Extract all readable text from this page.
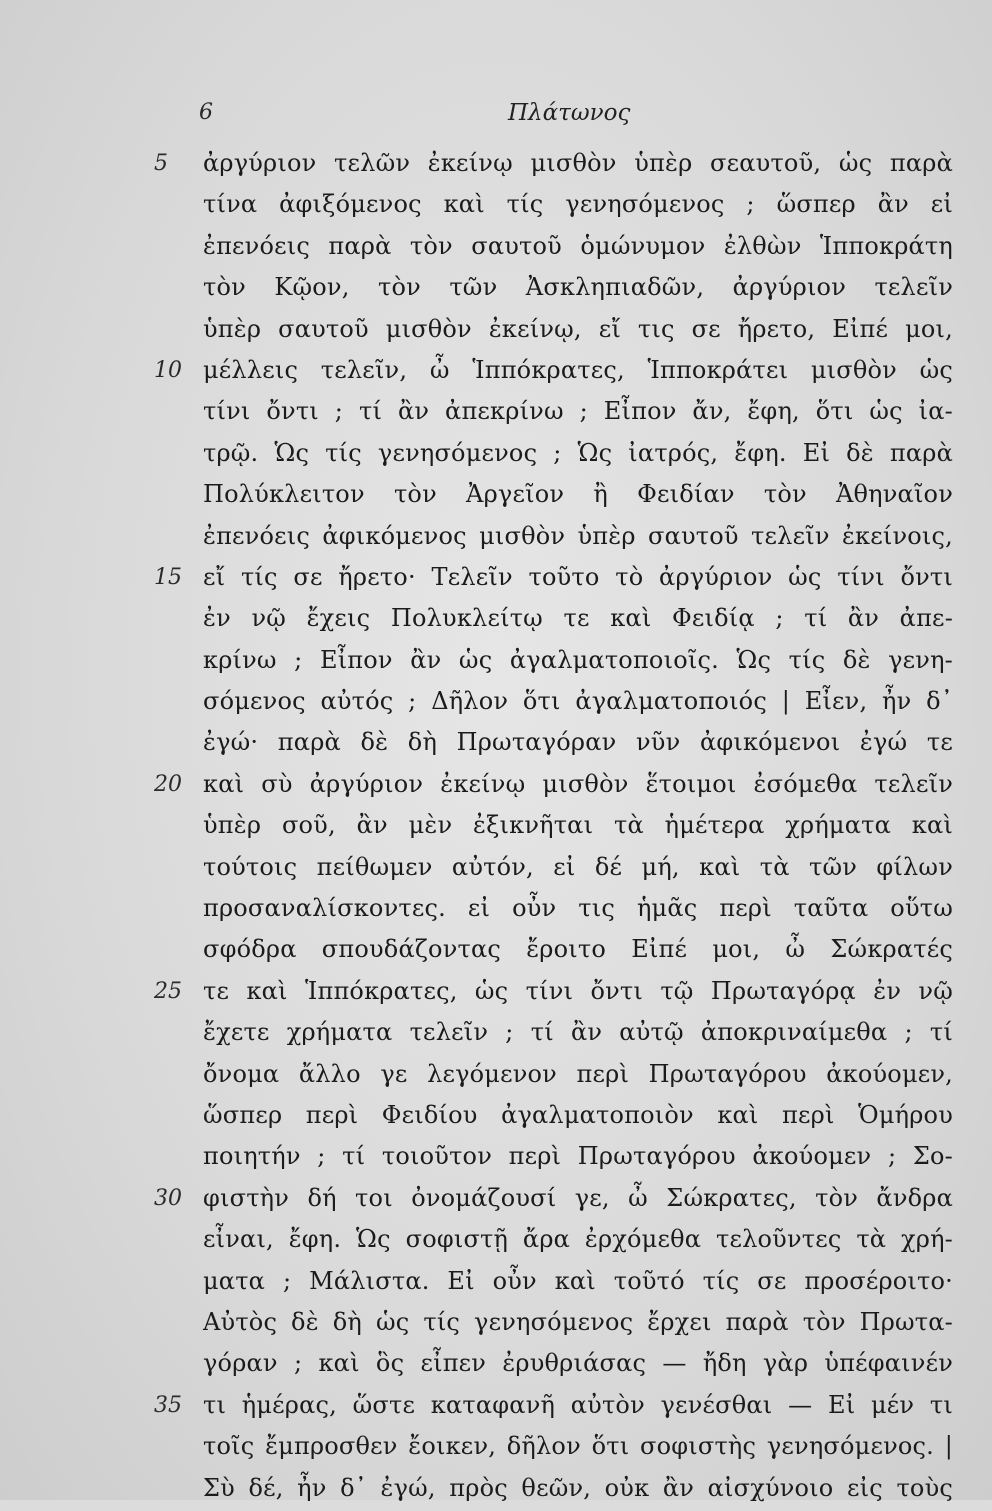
6	Πλάτωνος
5	ἀργύριον τελῶν ἐκείνῳ μισθὸν ὑπὲρ σεαυτοῦ, ὡς παρὰ
τίνα ἀφιξόμενος καὶ τίς γενησόμενος ; ὥσπερ ἂν εἰ
ἐπενόεις παρὰ τὸν σαυτοῦ ὁμώνυμον ἐλθὼν Ἱπποκράτη
τὸν Κῷον, τὸν τῶν Ἀσκληπιαδῶν, ἀργύριον τελεῖν
ὑπὲρ σαυτοῦ μισθὸν ἐκείνῳ, εἴ τις σε ἤρετο, Εἰπέ μοι,
10 μέλλεις τελεῖν, ὦ Ἱππόκρατες, Ἱπποκράτει μισθὸν ὡς
τίνι ὄντι ; τί ἂν ἀπεκρίνω ; Εἶπον ἄν, ἔφη, ὅτι ὡς ἰα-
τρῷ. Ὡς τίς γενησόμενος ; Ὡς ἰατρός, ἔφη. Εἰ δὲ παρὰ
Πολύκλειτον τὸν Ἀργεῖον ἢ Φειδίαν τὸν Ἀθηναῖον
ἐπενόεις ἀφικόμενος μισθὸν ὑπὲρ σαυτοῦ τελεῖν ἐκείνοις,
15 εἴ τίς σε ἤρετο· Τελεῖν τοῦτο τὸ ἀργύριον ὡς τίνι ὄντι
ἐν νῷ ἔχεις Πολυκλείτῳ τε καὶ Φειδίᾳ ; τί ἂν ἀπε-
κρίνω ; Εἶπον ἂν ὡς ἀγαλματοποιοῖς. Ὡς τίς δὲ γενη-
σόμενος αὐτός ; Δῆλον ὅτι ἀγαλματοποιός | Εἶεν, ἦν δ᾽
ἐγώ· παρὰ δὲ δὴ Πρωταγόραν νῦν ἀφικόμενοι ἐγώ τε
20 καὶ σὺ ἀργύριον ἐκείνῳ μισθὸν ἕτοιμοι ἐσόμεθα τελεῖν
ὑπὲρ σοῦ, ἂν μὲν ἐξικνῆται τὰ ἡμέτερα χρήματα καὶ
τούτοις πείθωμεν αὐτόν, εἰ δέ μή, καὶ τὰ τῶν φίλων
προσαναλίσκοντες. εἰ οὖν τις ἡμᾶς περὶ ταῦτα οὕτω
σφόδρα σπουδάζοντας ἔροιτο Εἰπέ μοι, ὦ Σώκρατές
25 τε καὶ Ἱππόκρατες, ὡς τίνι ὄντι τῷ Πρωταγόρᾳ ἐν νῷ
ἔχετε χρήματα τελεῖν ; τί ἂν αὐτῷ ἀποκριναίμεθα ; τί
ὄνομα ἄλλο γε λεγόμενον περὶ Πρωταγόρου ἀκούομεν,
ὥσπερ περὶ Φειδίου ἀγαλματοποιὸν καὶ περὶ Ὁμήρου
ποιητήν ; τί τοιοῦτον περὶ Πρωταγόρου ἀκούομεν ; Σο-
30 φιστὴν δή τοι ὀνομάζουσί γε, ὦ Σώκρατες, τὸν ἄνδρα
εἶναι, ἔφη. Ὡς σοφιστῇ ἄρα ἐρχόμεθα τελοῦντες τὰ χρή-
ματα ; Μάλιστα. Εἰ οὖν καὶ τοῦτό τίς σε προσέροιτο·
Αὐτὸς δὲ δὴ ὡς τίς γενησόμενος ἔρχει παρὰ τὸν Πρωτα-
γόραν ; καὶ ὃς εἶπεν ἐρυθριάσας — ἤδη γὰρ ὑπέφαινέν
35 τι ἡμέρας, ὥστε καταφανῆ αὐτὸν γενέσθαι — Εἰ μέν τι
τοῖς ἔμπροσθεν ἔοικεν, δῆλον ὅτι σοφιστὴς γενησόμενος. |
Σὺ δέ, ἦν δ᾽ ἐγώ, πρὸς θεῶν, οὐκ ἂν αἰσχύνοιο εἰς τοὺς
